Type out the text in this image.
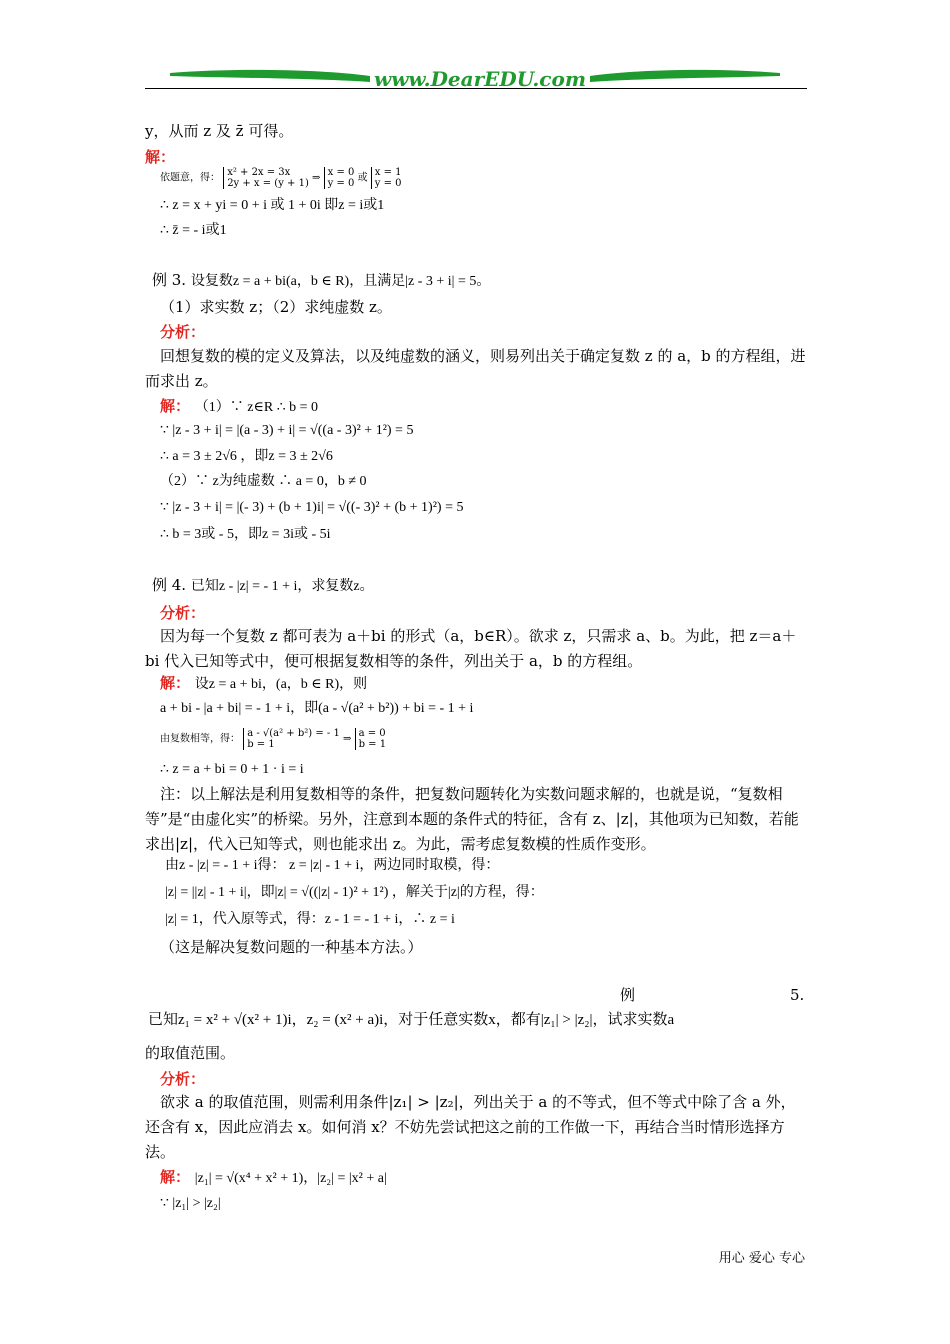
www.DearEDU.com
y，从而 z 及 z̄ 可得。
解：
依题意，得： x² + 2x = 3x
2y + x = (y + 1) ⇒ x = 0
y = 0 或 x = 1
y = 0
∴ z = x + yi = 0 + i 或 1 + 0i 即z = i或1
∴ z̄ = - i或1
例 3. 设复数z = a + bi(a，b ∈ R)，且满足|z - 3 + i| = 5。
（1）求实数 z；（2）求纯虚数 z。
分析：
回想复数的模的定义及算法，以及纯虚数的涵义，则易列出关于确定复数 z 的 a，b 的方程组，进而求出 z。
解： （1）∵ z∈R ∴ b = 0
∵ |z - 3 + i| = |(a - 3) + i| = √((a - 3)² + 1²) = 5
∴ a = 3 ± 2√6 ，即z = 3 ± 2√6
（2）∵ z为纯虚数 ∴ a = 0，b ≠ 0
∵ |z - 3 + i| = |(- 3) + (b + 1)i| = √((- 3)² + (b + 1)²) = 5
∴ b = 3或 - 5，即z = 3i或 - 5i
例 4. 已知z - |z| = - 1 + i，求复数z。
分析：
因为每一个复数 z 都可表为 a＋bi 的形式（a，b∈R）。欲求 z，只需求 a、b。为此，把 z＝a＋bi 代入已知等式中，便可根据复数相等的条件，列出关于 a，b 的方程组。
解： 设z = a + bi，(a，b ∈ R)，则
a + bi - |a + bi| = - 1 + i，即(a - √(a² + b²)) + bi = - 1 + i
由复数相等，得： a - √(a² + b²) = - 1
b = 1	⇒ a = 0
b = 1
∴ z = a + bi = 0 + 1 · i = i
注：以上解法是利用复数相等的条件，把复数问题转化为实数问题求解的，也就是说，“复数相等”是“由虚化实”的桥梁。另外，注意到本题的条件式的特征，含有 z、|z|，其他项为已知数，若能求出|z|，代入已知等式，则也能求出 z。为此，需考虑复数模的性质作变形。
由z - |z| = - 1 + i得： z = |z| - 1 + i，两边同时取模，得：
|z| = ||z| - 1 + i|，即|z| = √((|z| - 1)² + 1²) ，解关于|z|的方程，得：
|z| = 1，代入原等式，得：z - 1 = - 1 + i，∴ z = i
（这是解决复数问题的一种基本方法。）
例	5.
已知z₁ = x² + √(x² + 1)i，z₂ = (x² + a)i，对于任意实数x，都有|z₁| > |z₂|，试求实数a
的取值范围。
分析：
欲求 a 的取值范围，则需利用条件|z₁| > |z₂|，列出关于 a 的不等式，但不等式中除了含 a 外，还含有 x，因此应消去 x。如何消 x？不妨先尝试把这之前的工作做一下，再结合当时情形选择方法。
解： |z₁| = √(x⁴ + x² + 1)，|z₂| = |x² + a|
∵ |z₁| > |z₂|
用心 爱心 专心
